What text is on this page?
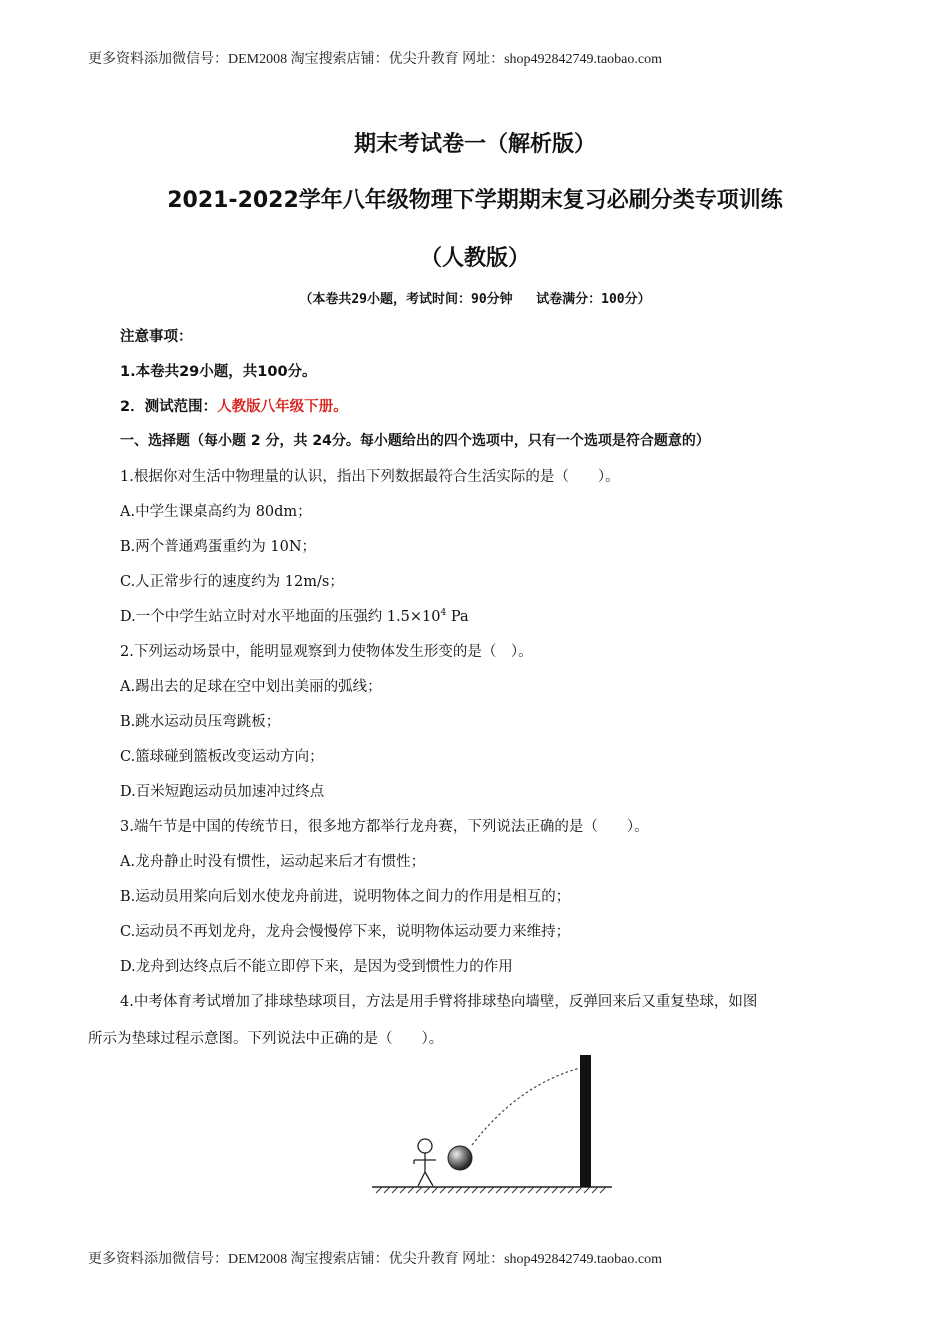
更多资料添加微信号：DEM2008 淘宝搜索店铺：优尖升教育 网址：shop492842749.taobao.com
期末考试卷一（解析版）
2021-2022学年八年级物理下学期期末复习必刷分类专项训练
（人教版）
（本卷共29小题，考试时间：90分钟   试卷满分：100分）
注意事项：
1.本卷共29小题，共100分。
2．测试范围：人教版八年级下册。
一、选择题（每小题 2 分，共 24分。每小题给出的四个选项中，只有一个选项是符合题意的）
1.根据你对生活中物理量的认识，指出下列数据最符合生活实际的是（　　）。
A.中学生课桌高约为 80dm；
B.两个普通鸡蛋重约为 10N；
C.人正常步行的速度约为 12m/s；
D.一个中学生站立时对水平地面的压强约 $1.5\times 10^4$ Pa
2.下列运动场景中，能明显观察到力使物体发生形变的是（　）。
A.踢出去的足球在空中划出美丽的弧线；
B.跳水运动员压弯跳板；
C.篮球碰到篮板改变运动方向；
D.百米短跑运动员加速冲过终点
3.端午节是中国的传统节日，很多地方都举行龙舟赛，下列说法正确的是（　　）。
A.龙舟静止时没有惯性，运动起来后才有惯性；
B.运动员用桨向后划水使龙舟前进，说明物体之间力的作用是相互的；
C.运动员不再划龙舟，龙舟会慢慢停下来，说明物体运动要力来维持；
D.龙舟到达终点后不能立即停下来，是因为受到惯性力的作用
4.中考体育考试增加了排球垫球项目，方法是用手臂将排球垫向墙壁，反弹回来后又重复垫球，如图
所示为垫球过程示意图。下列说法中正确的是（　　）。
更多资料添加微信号：DEM2008 淘宝搜索店铺：优尖升教育 网址：shop492842749.taobao.com
